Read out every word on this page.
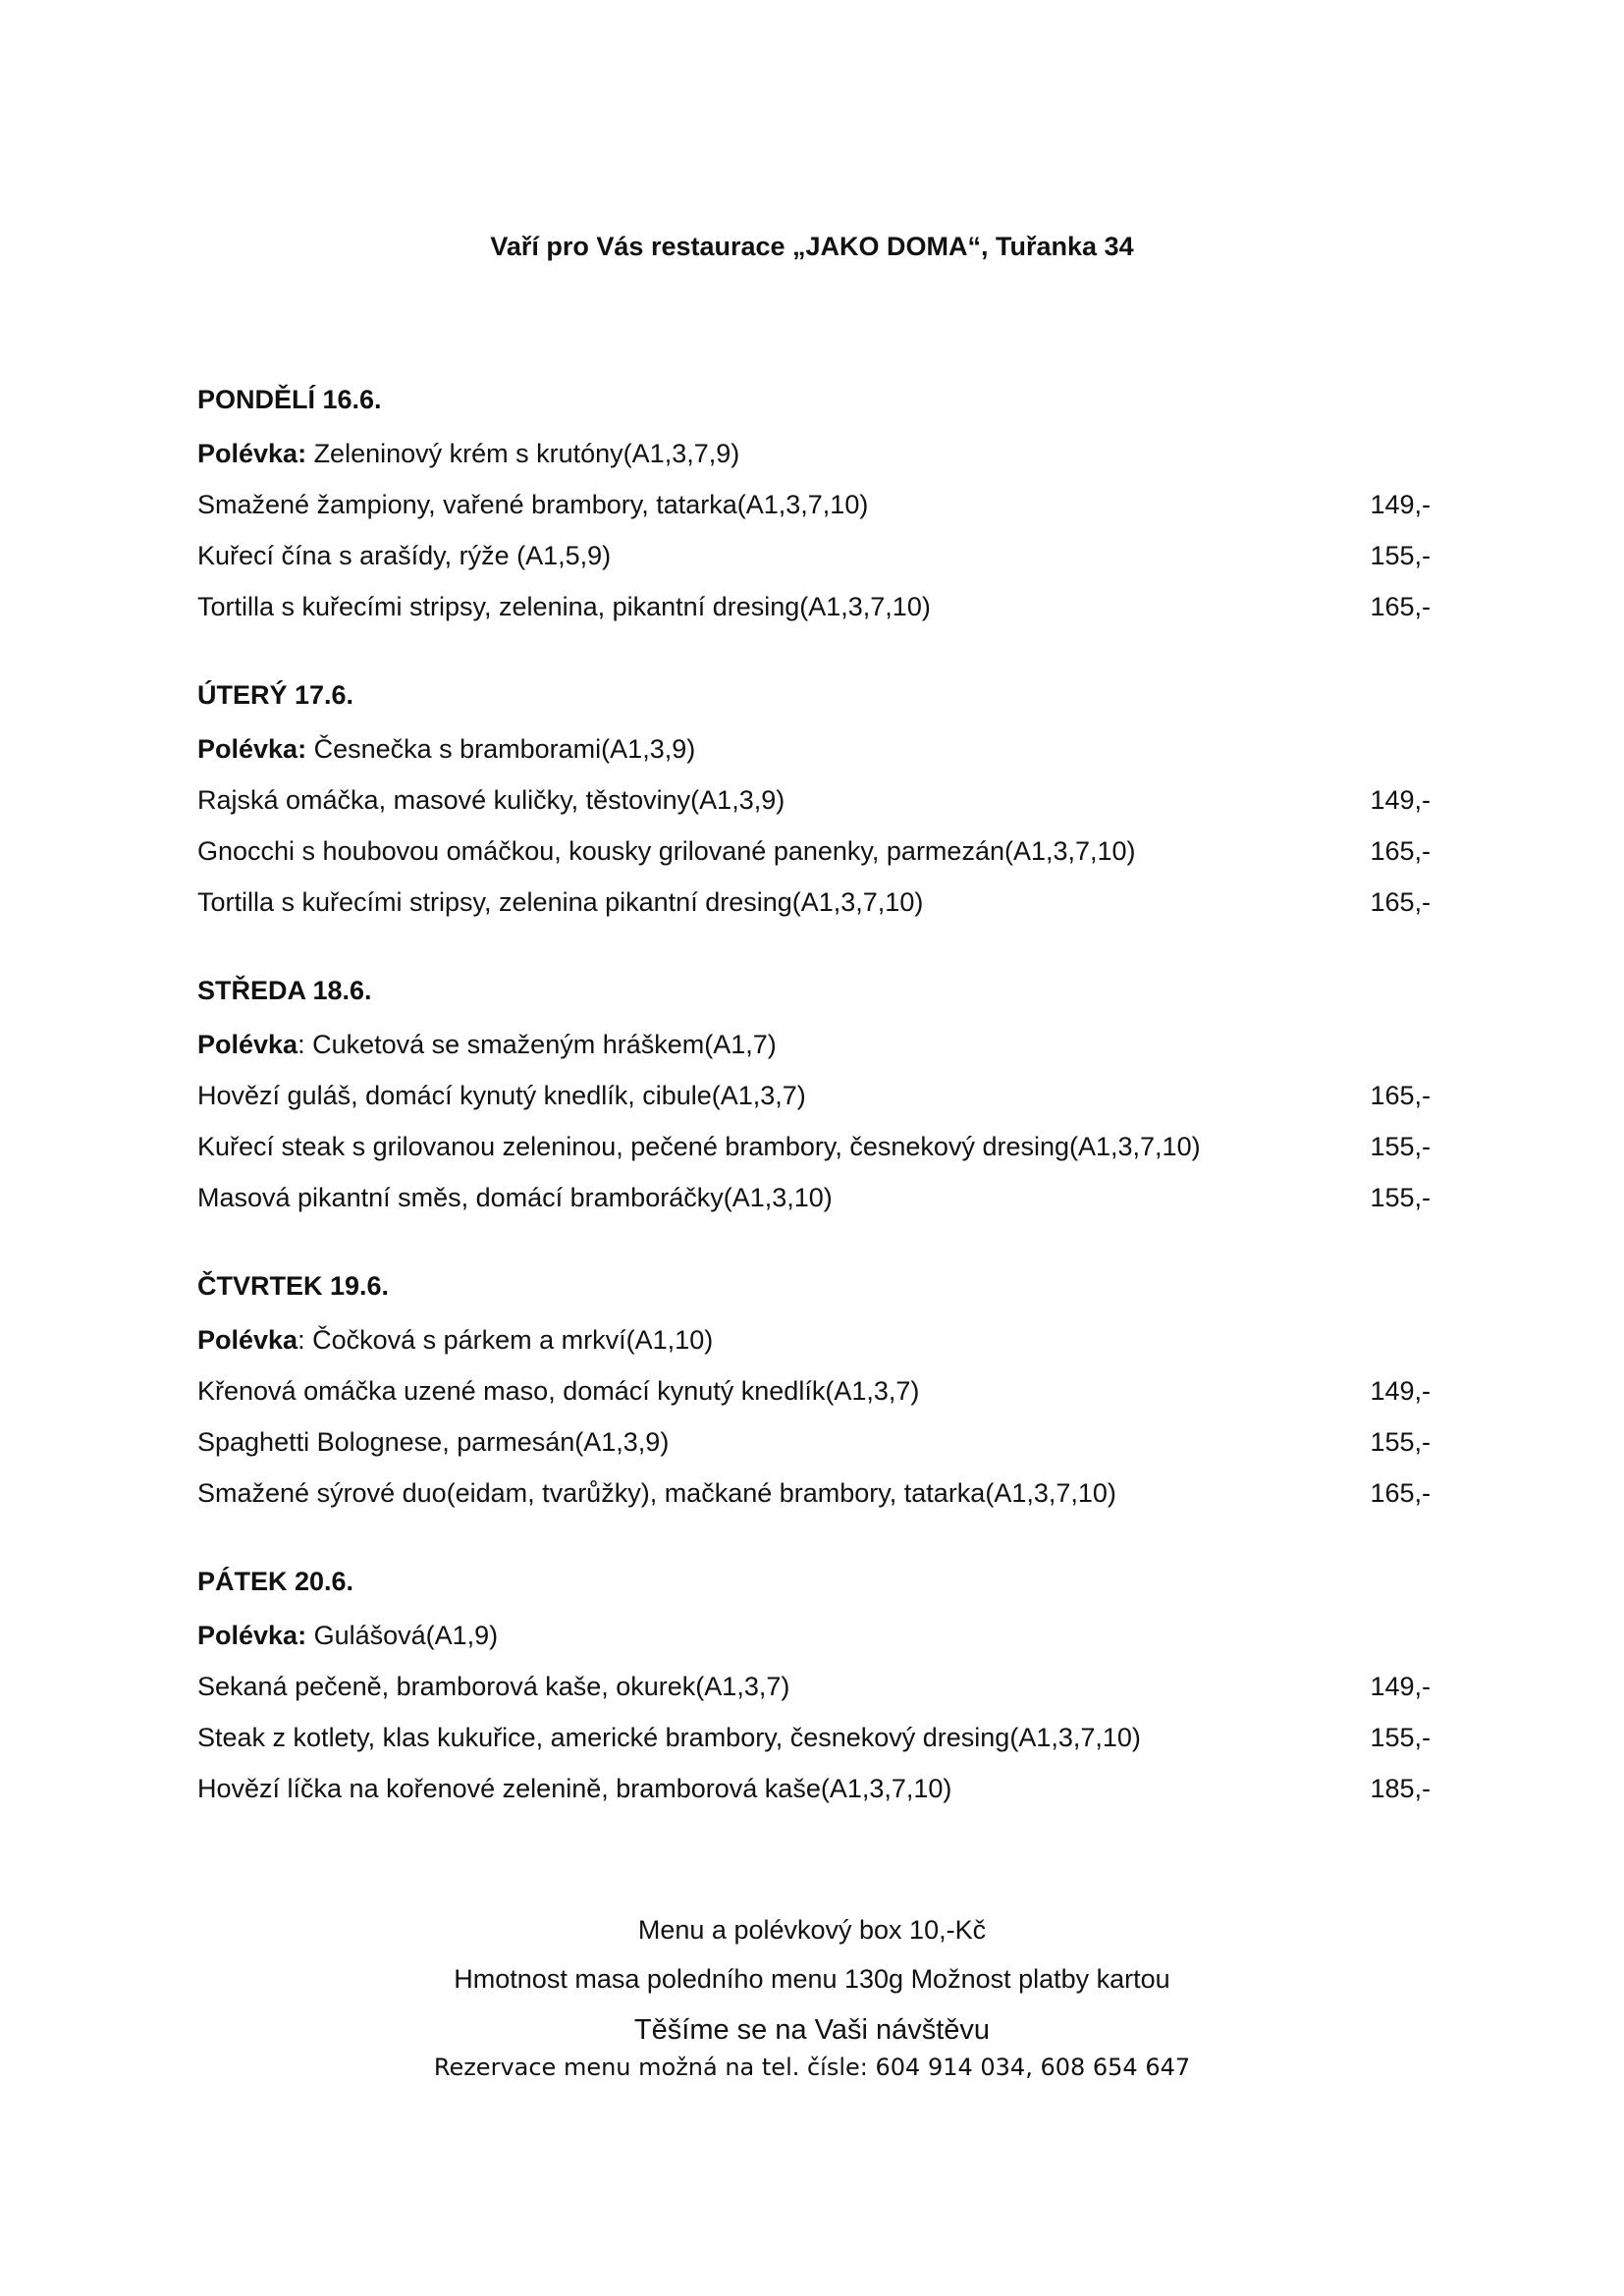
Vaří pro Vás restaurace „JAKO DOMA“, Tuřanka 34
PONDĚLÍ 16.6.
Polévka: Zeleninový krém s krutóny(A1,3,7,9)
Smažené žampiony, vařené brambory, tatarka(A1,3,7,10)	149,-
Kuřecí čína s arašídy, rýže (A1,5,9)	155,-
Tortilla s kuřecími stripsy, zelenina, pikantní dresing(A1,3,7,10)	165,-
ÚTERÝ 17.6.
Polévka: Česnečka s bramborami(A1,3,9)
Rajská omáčka, masové kuličky, těstoviny(A1,3,9)	149,-
Gnocchi s houbovou omáčkou, kousky grilované panenky, parmezán(A1,3,7,10)	165,-
Tortilla s kuřecími stripsy, zelenina pikantní dresing(A1,3,7,10)	165,-
STŘEDA 18.6.
Polévka: Cuketová se smaženým hráškem(A1,7)
Hovězí guláš, domácí kynutý knedlík, cibule(A1,3,7)	165,-
Kuřecí steak s grilovanou zeleninou, pečené brambory, česnekový dresing(A1,3,7,10)	155,-
Masová pikantní směs, domácí bramboráčky(A1,3,10)	155,-
ČTVRTEK 19.6.
Polévka: Čočková s párkem a mrkví(A1,10)
Křenová omáčka uzené maso, domácí kynutý knedlík(A1,3,7)	149,-
Spaghetti Bolognese, parmesán(A1,3,9)	155,-
Smažené sýrové duo(eidam, tvarůžky), mačkané brambory, tatarka(A1,3,7,10)	165,-
PÁTEK 20.6.
Polévka: Gulášová(A1,9)
Sekaná pečeně, bramborová kaše, okurek(A1,3,7)	149,-
Steak z kotlety, klas kukuřice, americké brambory, česnekový dresing(A1,3,7,10)	155,-
Hovězí líčka na kořenové zelenině, bramborová kaše(A1,3,7,10)	185,-
Menu a polévkový box 10,-Kč
Hmotnost masa poledního menu 130g Možnost platby kartou
Těšíme se na Vaši návštěvu
Rezervace menu možná na tel. čísle: 604 914 034, 608 654 647
